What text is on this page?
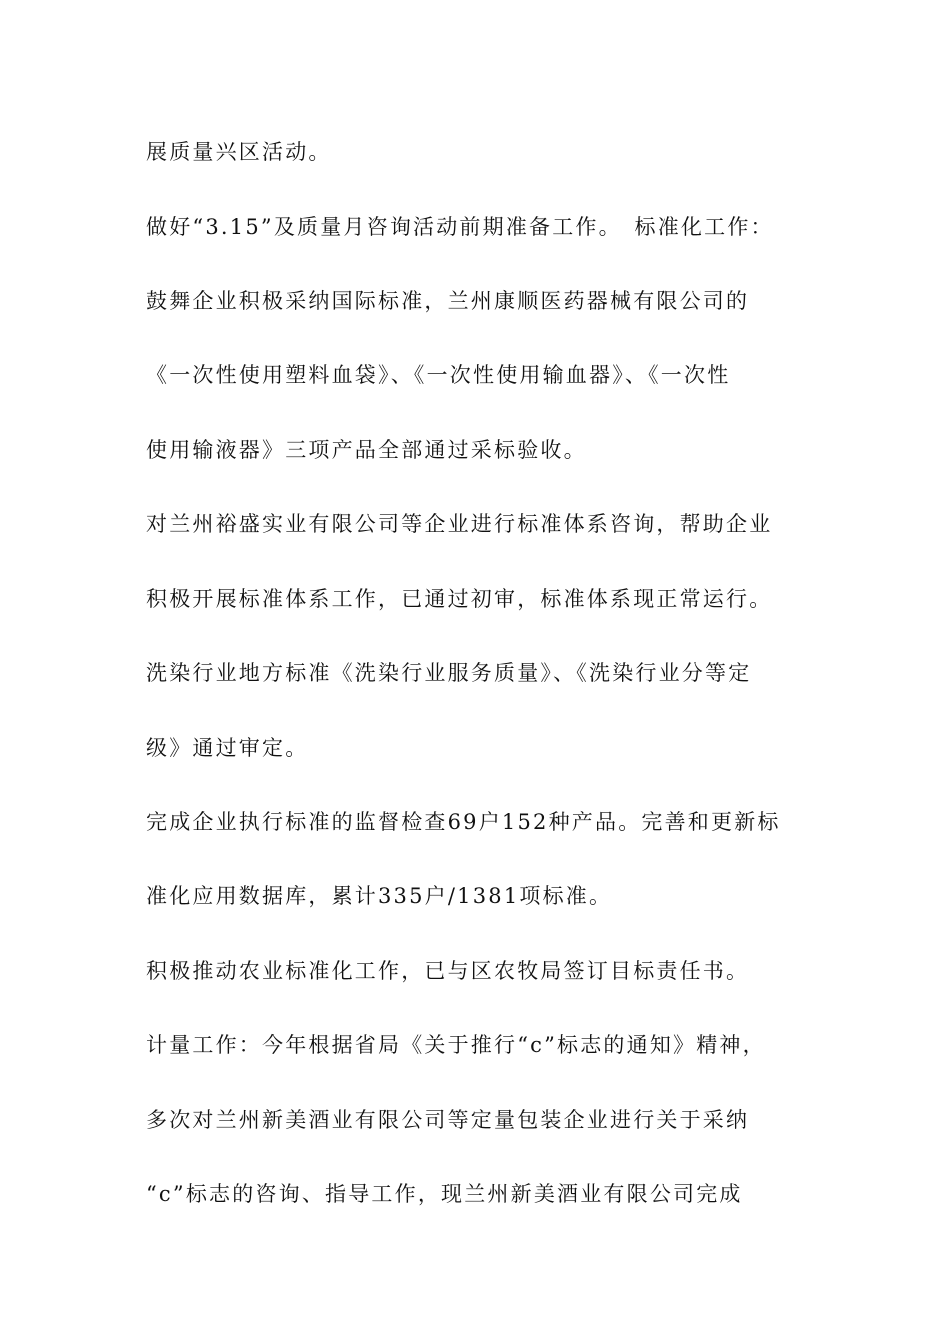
展质量兴区活动。
做好“3.15”及质量月咨询活动前期准备工作。　标准化工作：
鼓舞企业积极采纳国际标准，兰州康顺医药器械有限公司的
《一次性使用塑料血袋》、《一次性使用输血器》、《一次性
使用输液器》三项产品全部通过采标验收。
对兰州裕盛实业有限公司等企业进行标准体系咨询，帮助企业
积极开展标准体系工作，已通过初审，标准体系现正常运行。
洗染行业地方标准《洗染行业服务质量》、《洗染行业分等定
级》通过审定。
完成企业执行标准的监督检查69户152种产品。完善和更新标
准化应用数据库，累计335户/1381项标准。
积极推动农业标准化工作，已与区农牧局签订目标责任书。
计量工作：今年根据省局《关于推行“c”标志的通知》精神，
多次对兰州新美酒业有限公司等定量包装企业进行关于采纳
“c”标志的咨询、指导工作，现兰州新美酒业有限公司完成
